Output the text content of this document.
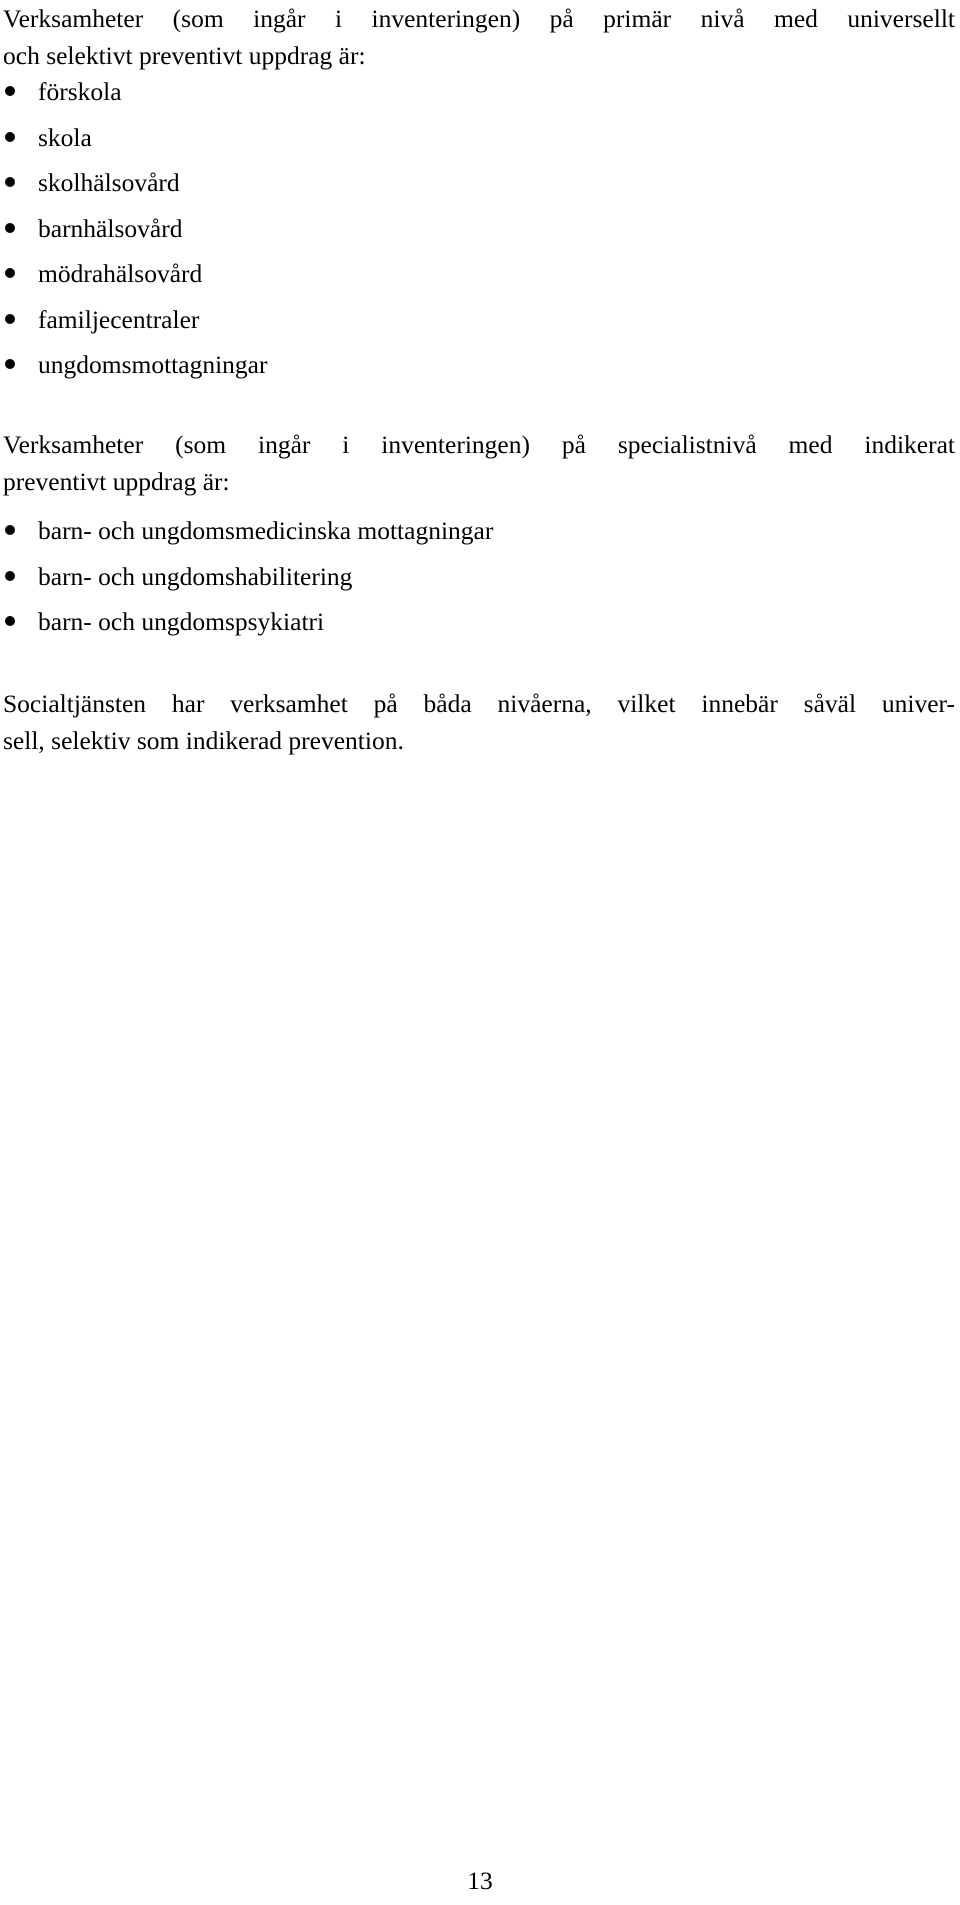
Verksamheter (som ingår i inventeringen) på primär nivå med universellt
och selektivt preventivt uppdrag är:

förskola
skola
skolhälsovård
barnhälsovård
mödrahälsovård
familjecentraler
ungdomsmottagningar

Verksamheter (som ingår i inventeringen) på specialistnivå med indikerat
preventivt uppdrag är:

barn- och ungdomsmedicinska mottagningar
barn- och ungdomshabilitering
barn- och ungdomspsykiatri

Socialtjänsten har verksamhet på båda nivåerna, vilket innebär såväl univer-
sell, selektiv som indikerad prevention.

13
